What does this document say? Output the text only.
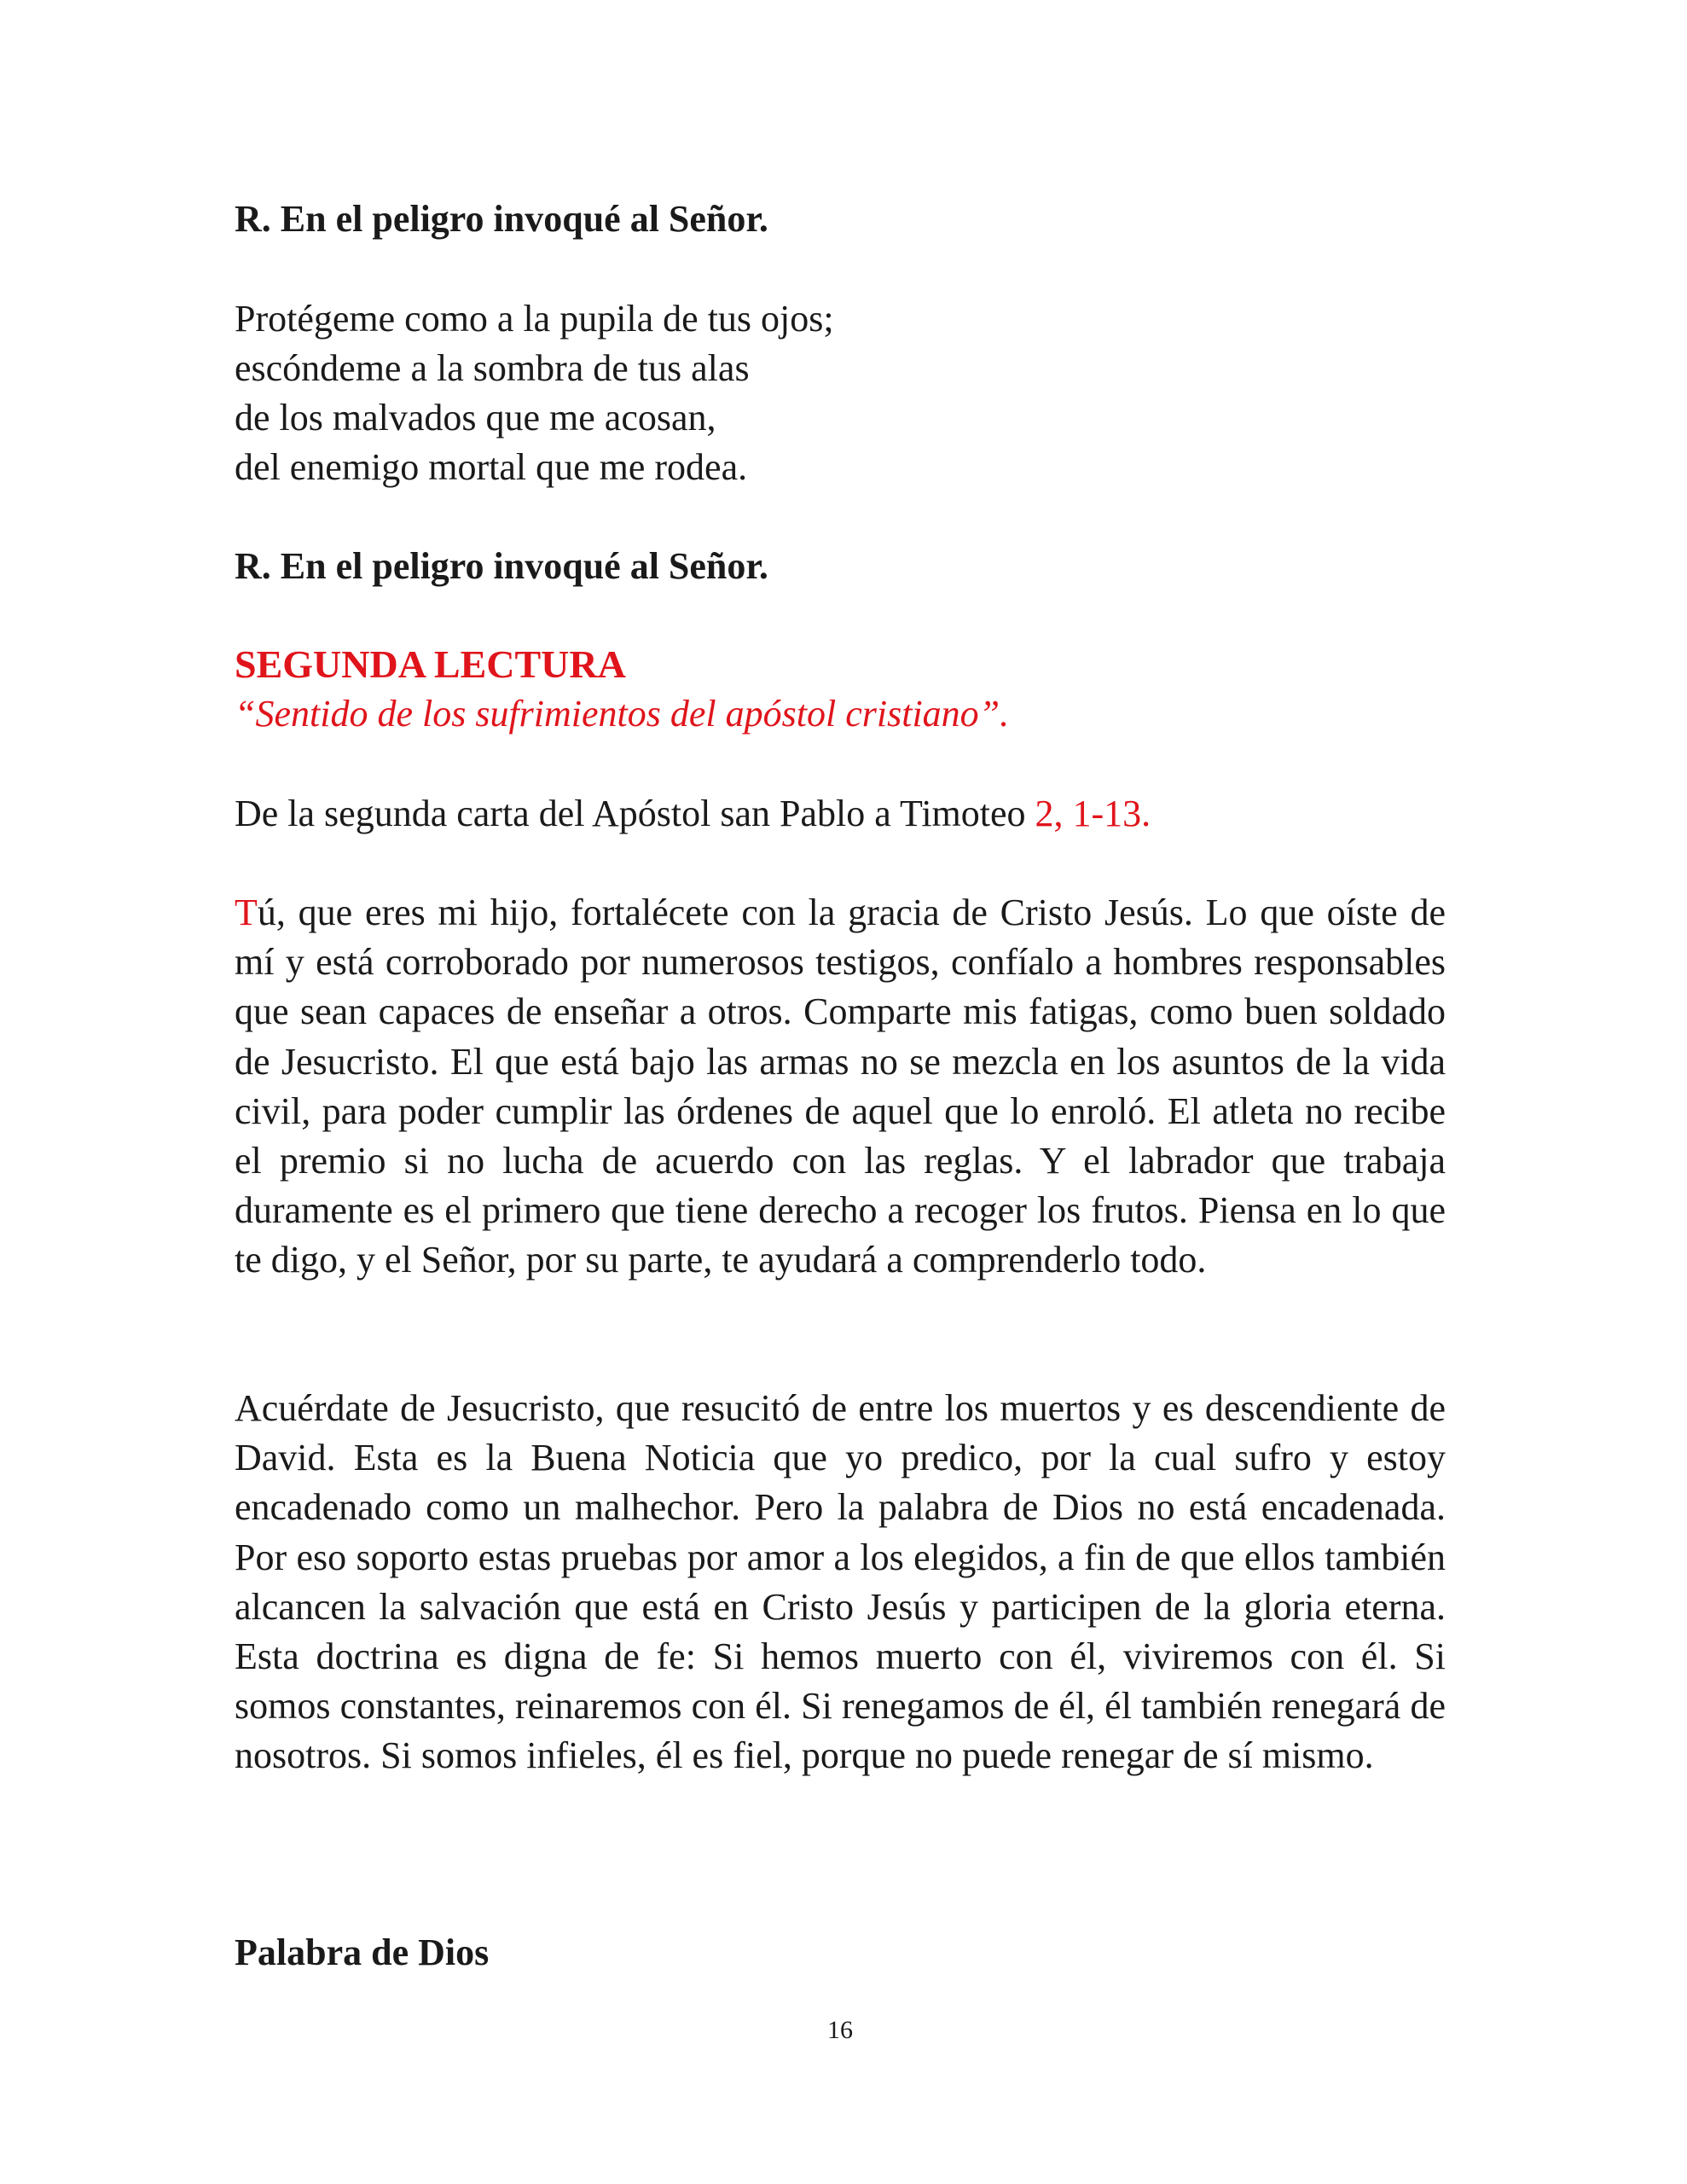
R. En el peligro invoqué al Señor.
Protégeme como a la pupila de tus ojos;
escóndeme a la sombra de tus alas
de los malvados que me acosan,
del enemigo mortal que me rodea.
R. En el peligro invoqué al Señor.
SEGUNDA LECTURA
“Sentido de los sufrimientos del apóstol cristiano”.
De la segunda carta del Apóstol san Pablo a Timoteo 2, 1-13.
Tú, que eres mi hijo, fortalécete con la gracia de Cristo Jesús. Lo que oíste de mí y está corroborado por numerosos testigos, confíalo a hombres responsables que sean capaces de enseñar a otros. Comparte mis fatigas, como buen soldado de Jesucristo. El que está bajo las armas no se mezcla en los asuntos de la vida civil, para poder cumplir las órdenes de aquel que lo enroló. El atleta no recibe el premio si no lucha de acuerdo con las reglas. Y el labrador que trabaja duramente es el primero que tiene derecho a recoger los frutos. Piensa en lo que te digo, y el Señor, por su parte, te ayudará a comprenderlo todo.
Acuérdate de Jesucristo, que resucitó de entre los muertos y es descendiente de David. Esta es la Buena Noticia que yo predico, por la cual sufro y estoy encadenado como un malhechor. Pero la palabra de Dios no está encadenada. Por eso soporto estas pruebas por amor a los elegidos, a fin de que ellos también alcancen la salvación que está en Cristo Jesús y participen de la gloria eterna. Esta doctrina es digna de fe: Si hemos muerto con él, viviremos con él. Si somos constantes, reinaremos con él. Si renegamos de él, él también renegará de nosotros. Si somos infieles, él es fiel, porque no puede renegar de sí mismo.
Palabra de Dios
16
